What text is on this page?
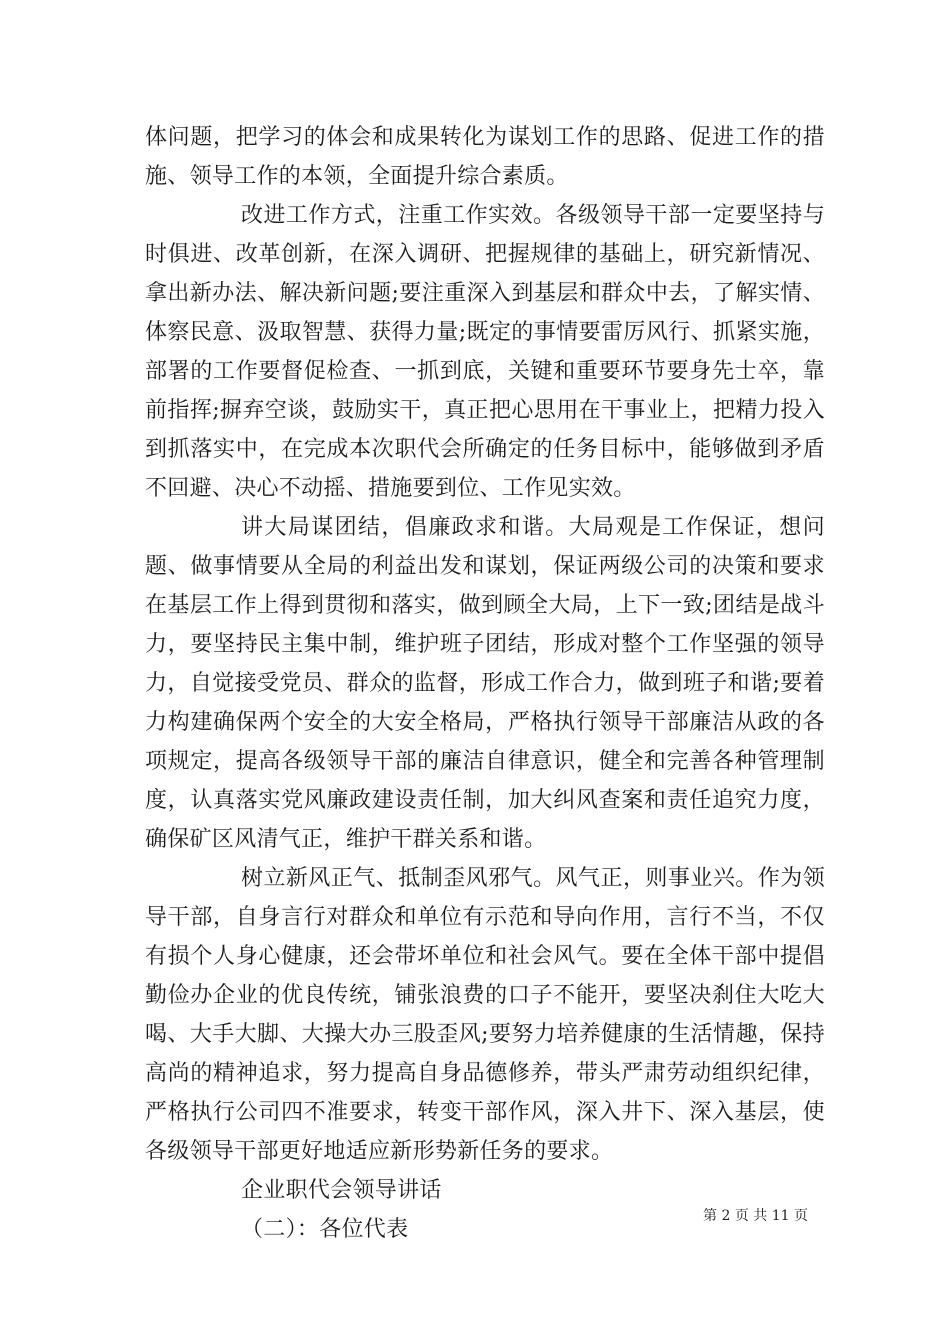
体问题，把学习的体会和成果转化为谋划工作的思路、促进工作的措施、领导工作的本领，全面提升综合素质。

改进工作方式，注重工作实效。各级领导干部一定要坚持与时俱进、改革创新，在深入调研、把握规律的基础上，研究新情况、拿出新办法、解决新问题;要注重深入到基层和群众中去，了解实情、体察民意、汲取智慧、获得力量;既定的事情要雷厉风行、抓紧实施，部署的工作要督促检查、一抓到底，关键和重要环节要身先士卒，靠前指挥;摒弃空谈，鼓励实干，真正把心思用在干事业上，把精力投入到抓落实中，在完成本次职代会所确定的任务目标中，能够做到矛盾不回避、决心不动摇、措施要到位、工作见实效。

讲大局谋团结，倡廉政求和谐。大局观是工作保证，想问题、做事情要从全局的利益出发和谋划，保证两级公司的决策和要求在基层工作上得到贯彻和落实，做到顾全大局，上下一致;团结是战斗力，要坚持民主集中制，维护班子团结，形成对整个工作坚强的领导力，自觉接受党员、群众的监督，形成工作合力，做到班子和谐;要着力构建确保两个安全的大安全格局，严格执行领导干部廉洁从政的各项规定，提高各级领导干部的廉洁自律意识，健全和完善各种管理制度，认真落实党风廉政建设责任制，加大纠风查案和责任追究力度，确保矿区风清气正，维护干群关系和谐。

树立新风正气、抵制歪风邪气。风气正，则事业兴。作为领导干部，自身言行对群众和单位有示范和导向作用，言行不当，不仅有损个人身心健康，还会带坏单位和社会风气。要在全体干部中提倡勤俭办企业的优良传统，铺张浪费的口子不能开，要坚决刹住大吃大喝、大手大脚、大操大办三股歪风;要努力培养健康的生活情趣，保持高尚的精神追求，努力提高自身品德修养，带头严肃劳动组织纪律，严格执行公司四不准要求，转变干部作风，深入井下、深入基层，使各级领导干部更好地适应新形势新任务的要求。

企业职代会领导讲话

（二）：各位代表

第 2 页 共 11 页
